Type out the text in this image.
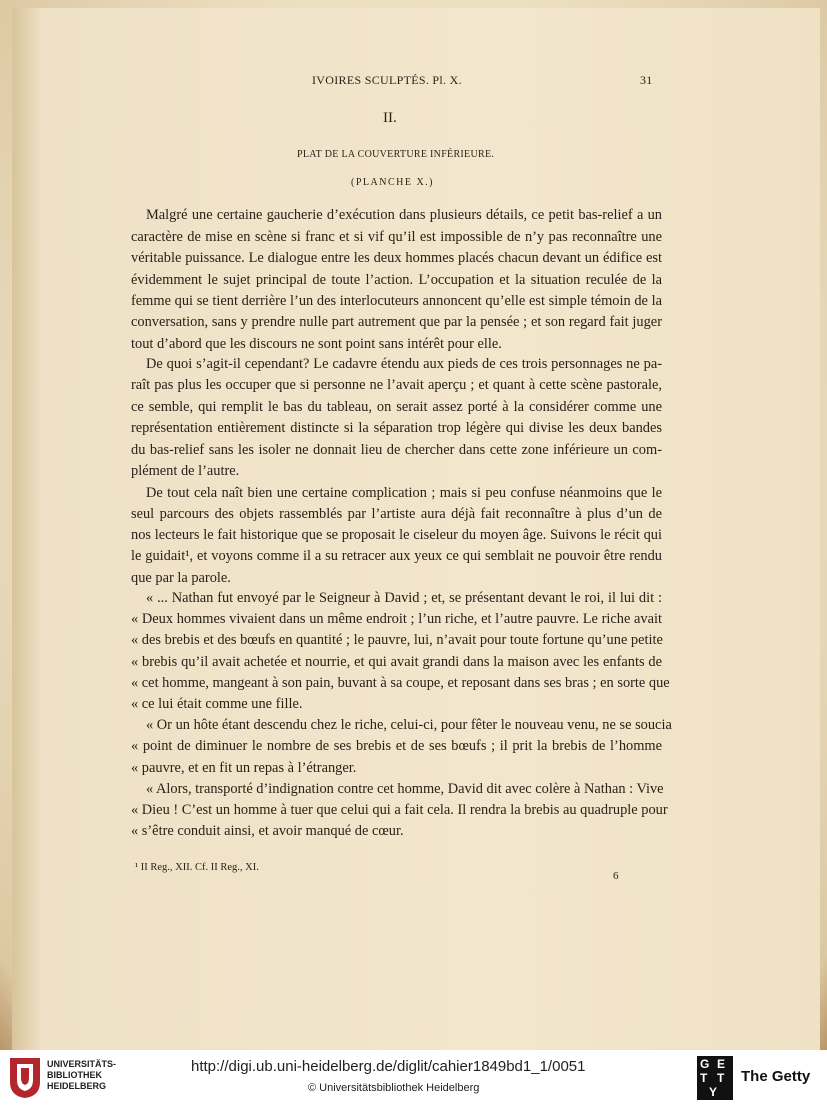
IVOIRES SCULPTÉS. Pl. X.	31
II.
PLAT DE LA COUVERTURE INFÉRIEURE.
(PLANCHE X.)
Malgré une certaine gaucherie d’exécution dans plusieurs détails, ce petit bas-relief a un
caractère de mise en scène si franc et si vif qu’il est impossible de n’y pas reconnaître une
véritable puissance. Le dialogue entre les deux hommes placés chacun devant un édifice est
évidemment le sujet principal de toute l’action. L’occupation et la situation reculée de la
femme qui se tient derrière l’un des interlocuteurs annoncent qu’elle est simple témoin de la
conversation, sans y prendre nulle part autrement que par la pensée ; et son regard fait juger
tout d’abord que les discours ne sont point sans intérêt pour elle.
De quoi s’agit-il cependant? Le cadavre étendu aux pieds de ces trois personnages ne pa-
raît pas plus les occuper que si personne ne l’avait aperçu ; et quant à cette scène pastorale,
ce semble, qui remplit le bas du tableau, on serait assez porté à la considérer comme une
représentation entièrement distincte si la séparation trop légère qui divise les deux bandes
du bas-relief sans les isoler ne donnait lieu de chercher dans cette zone inférieure un com-
plément de l’autre.
De tout cela naît bien une certaine complication ; mais si peu confuse néanmoins que le
seul parcours des objets rassemblés par l’artiste aura déjà fait reconnaître à plus d’un de
nos lecteurs le fait historique que se proposait le ciseleur du moyen âge. Suivons le récit qui
le guidait¹, et voyons comme il a su retracer aux yeux ce qui semblait ne pouvoir être rendu
que par la parole.
« ... Nathan fut envoyé par le Seigneur à David ; et, se présentant devant le roi, il lui dit :
« Deux hommes vivaient dans un même endroit ; l’un riche, et l’autre pauvre. Le riche avait
« des brebis et des bœufs en quantité ; le pauvre, lui, n’avait pour toute fortune qu’une petite
« brebis qu’il avait achetée et nourrie, et qui avait grandi dans la maison avec les enfants de
« cet homme, mangeant à son pain, buvant à sa coupe, et reposant dans ses bras ; en sorte que
« ce lui était comme une fille.
« Or un hôte étant descendu chez le riche, celui-ci, pour fêter le nouveau venu, ne se soucia
« point de diminuer le nombre de ses brebis et de ses bœufs ; il prit la brebis de l’homme
« pauvre, et en fit un repas à l’étranger.
« Alors, transporté d’indignation contre cet homme, David dit avec colère à Nathan : Vive
« Dieu ! C’est un homme à tuer que celui qui a fait cela. Il rendra la brebis au quadruple pour
« s’être conduit ainsi, et avoir manqué de cœur.
¹ II Reg., XII. Cf. II Reg., XI.
6
UNIVERSITÄTS-
BIBLIOTHEK
HEIDELBERG
http://digi.ub.uni-heidelberg.de/diglit/cahier1849bd1_1/0051
© Universitätsbibliothek Heidelberg
G E
T T
Y
The Getty
